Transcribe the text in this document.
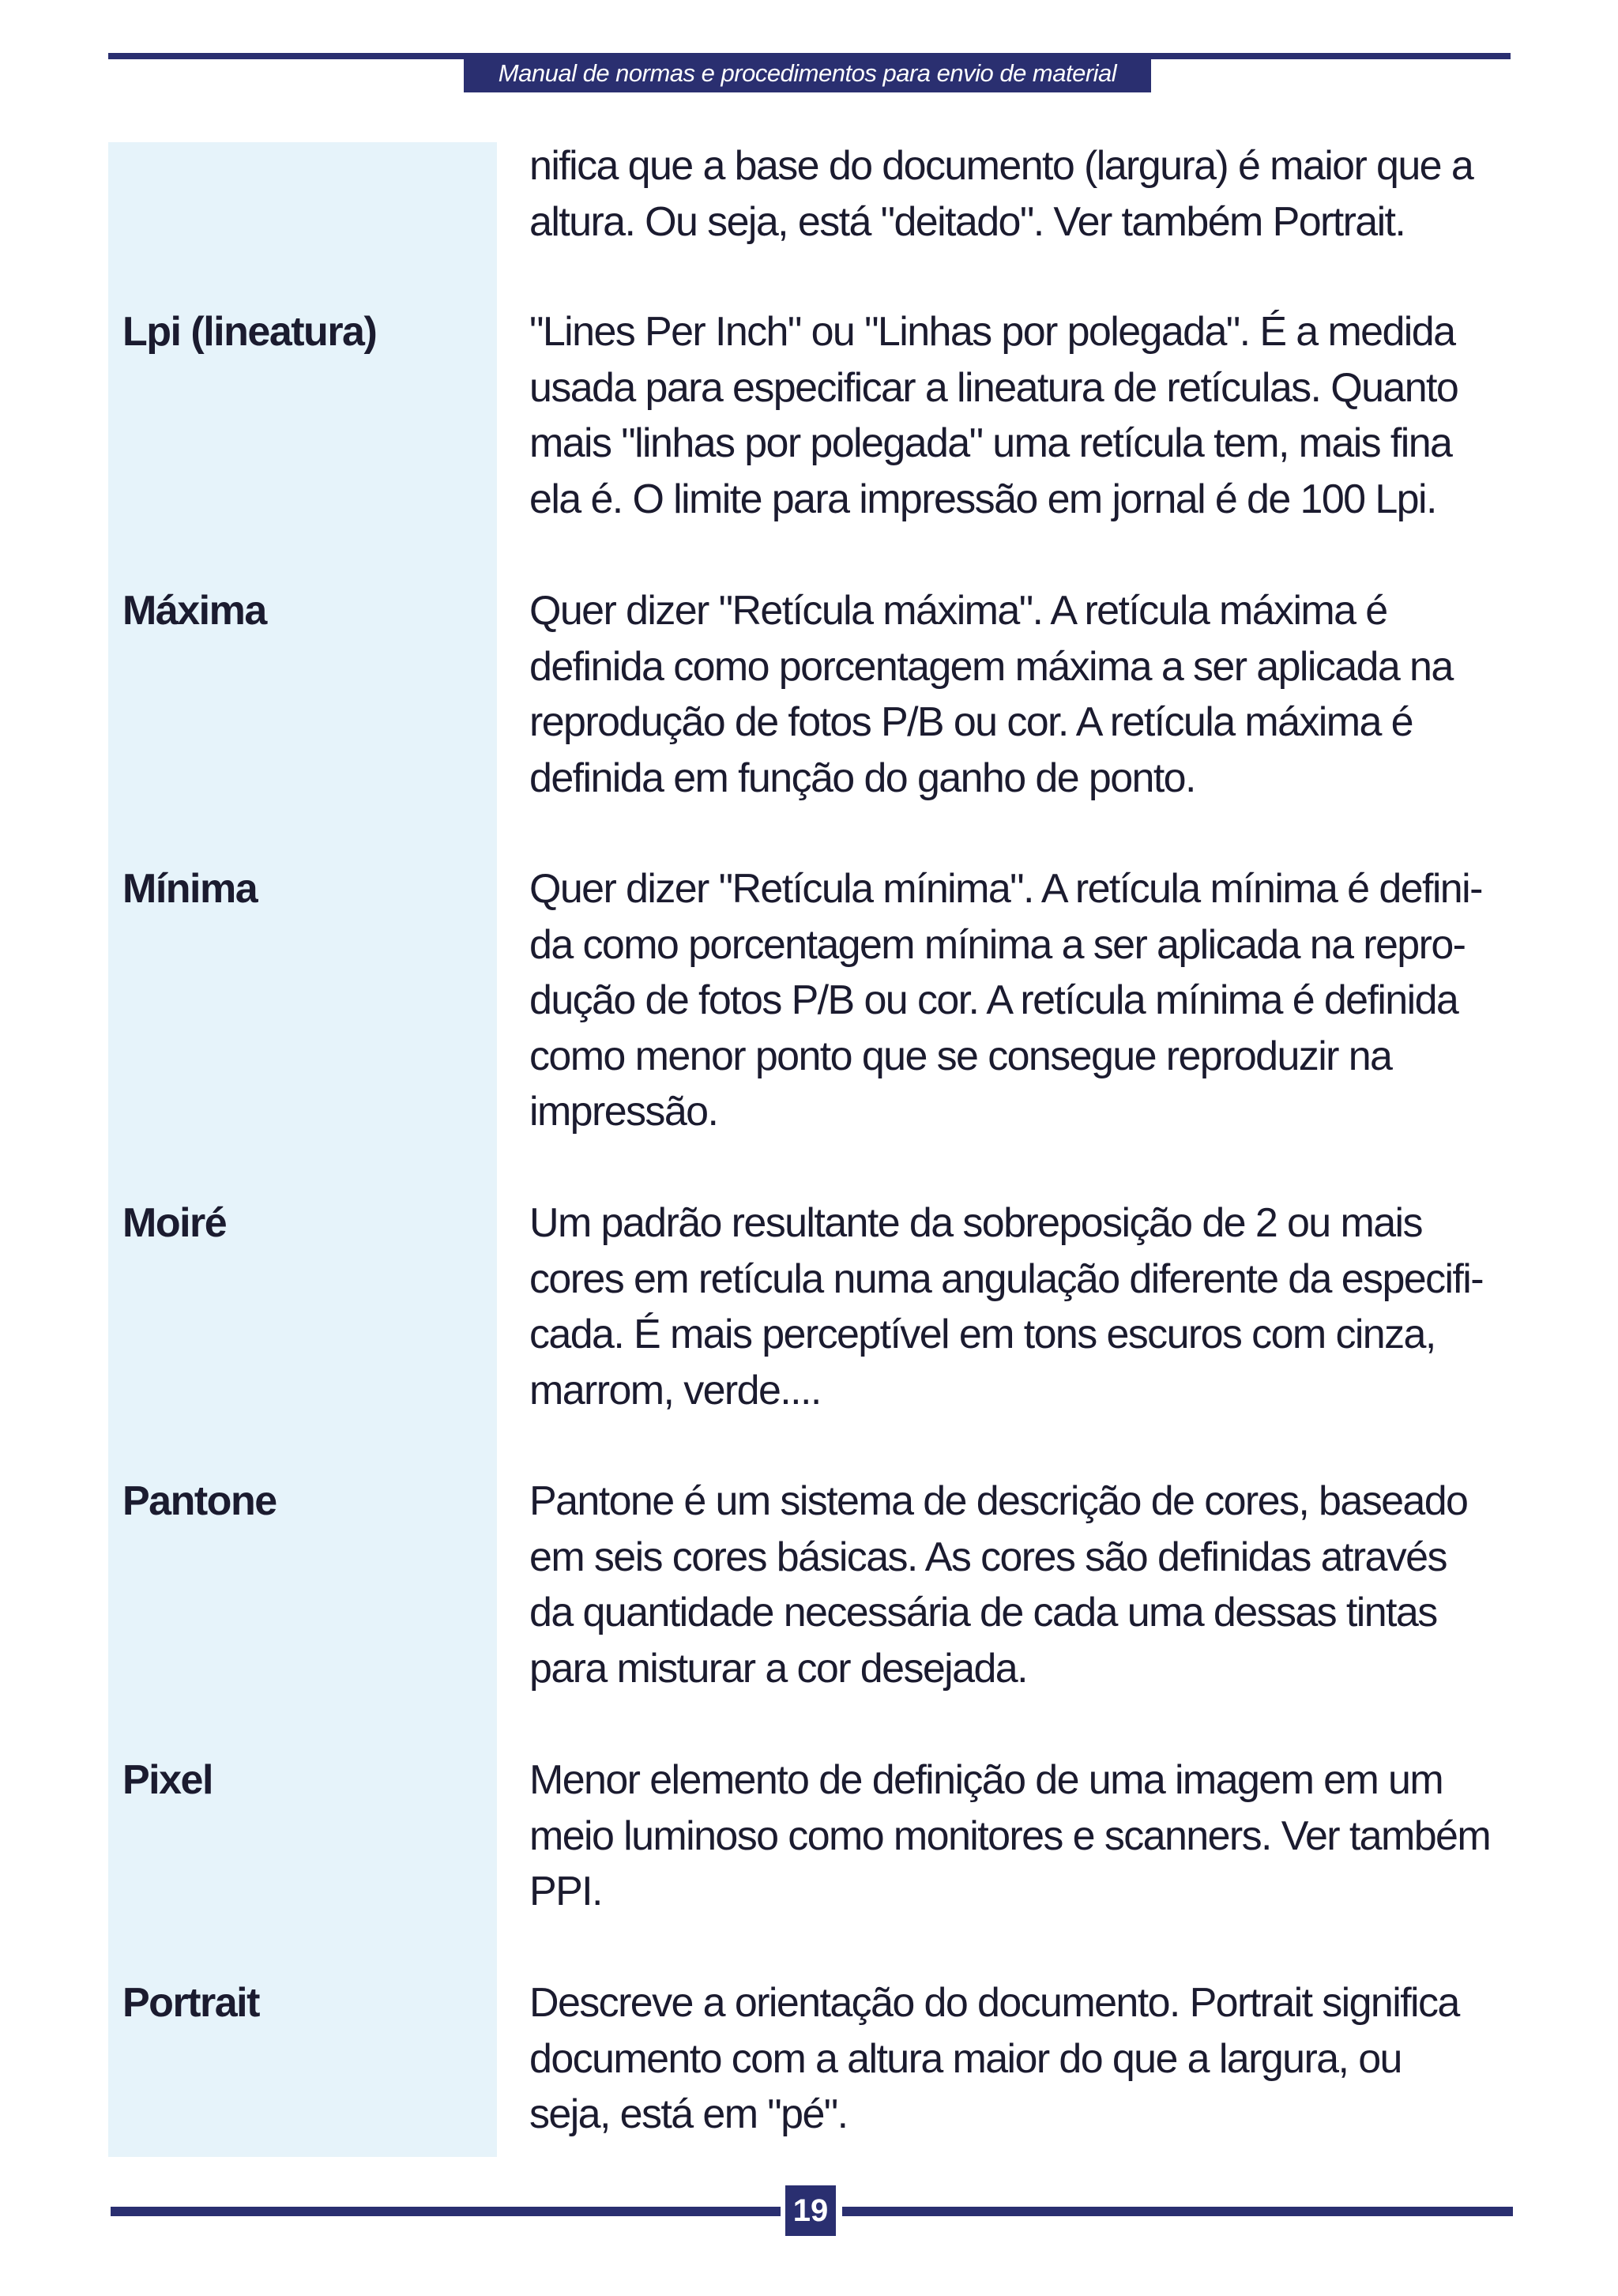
Manual de normas e procedimentos para envio de material

nifica que a base do documento (largura) é maior que a
altura. Ou seja, está "deitado". Ver também Portrait.

Lpi (lineatura)	"Lines Per Inch" ou "Linhas por polegada". É a medida
usada para especificar a lineatura de retículas. Quanto
mais "linhas por polegada" uma retícula tem, mais fina
ela é. O limite para impressão em jornal é de 100 Lpi.

Máxima	Quer dizer "Retícula máxima". A retícula máxima é
definida como porcentagem máxima a ser aplicada na
reprodução de fotos P/B ou cor. A retícula máxima é
definida em função do ganho de ponto.

Mínima	Quer dizer "Retícula mínima". A retícula mínima é defini-
da como porcentagem mínima a ser aplicada na repro-
dução de fotos P/B ou cor. A retícula mínima é definida
como menor ponto que se consegue reproduzir na
impressão.

Moiré	Um padrão resultante da sobreposição de 2 ou mais
cores em retícula numa angulação diferente da especifi-
cada. É mais perceptível em tons escuros com cinza,
marrom, verde....

Pantone	Pantone é um sistema de descrição de cores, baseado
em seis cores básicas. As cores são definidas através
da quantidade necessária de cada uma dessas tintas
para misturar a cor desejada.

Pixel	Menor elemento de definição de uma imagem em um
meio luminoso como monitores e scanners. Ver também
PPI.

Portrait	Descreve a orientação do documento. Portrait significa
documento com a altura maior do que a largura, ou
seja, está em "pé".

19
